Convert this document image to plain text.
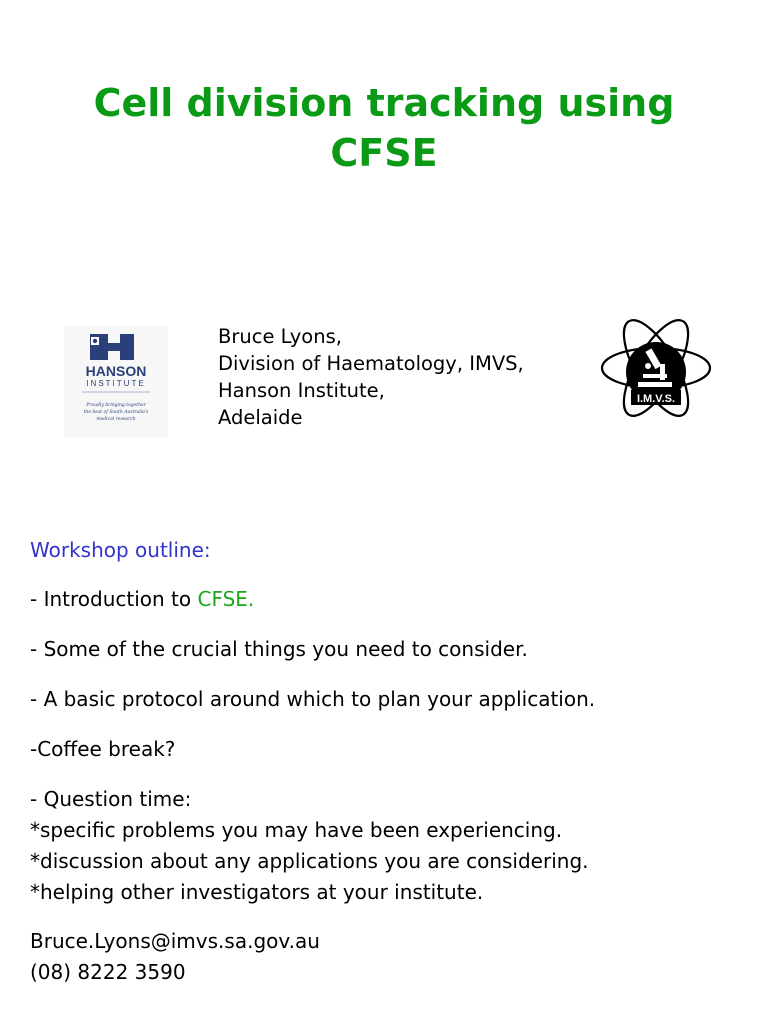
Cell division tracking using
CFSE
HANSON
INSTITUTE
Proudly bringing together
the best of South Australia's
medical research
Bruce Lyons,
Division of Haematology, IMVS,
Hanson Institute,
Adelaide
I.M.V.S.

Workshop outline:

- Introduction to CFSE.

- Some of the crucial things you need to consider.

- A basic protocol around which to plan your application.

-Coffee break?

- Question time:

*specific problems you may have been experiencing.

*discussion about any applications you are considering.

*helping other investigators at your institute.

Bruce.Lyons@imvs.sa.gov.au

(08) 8222 3590
